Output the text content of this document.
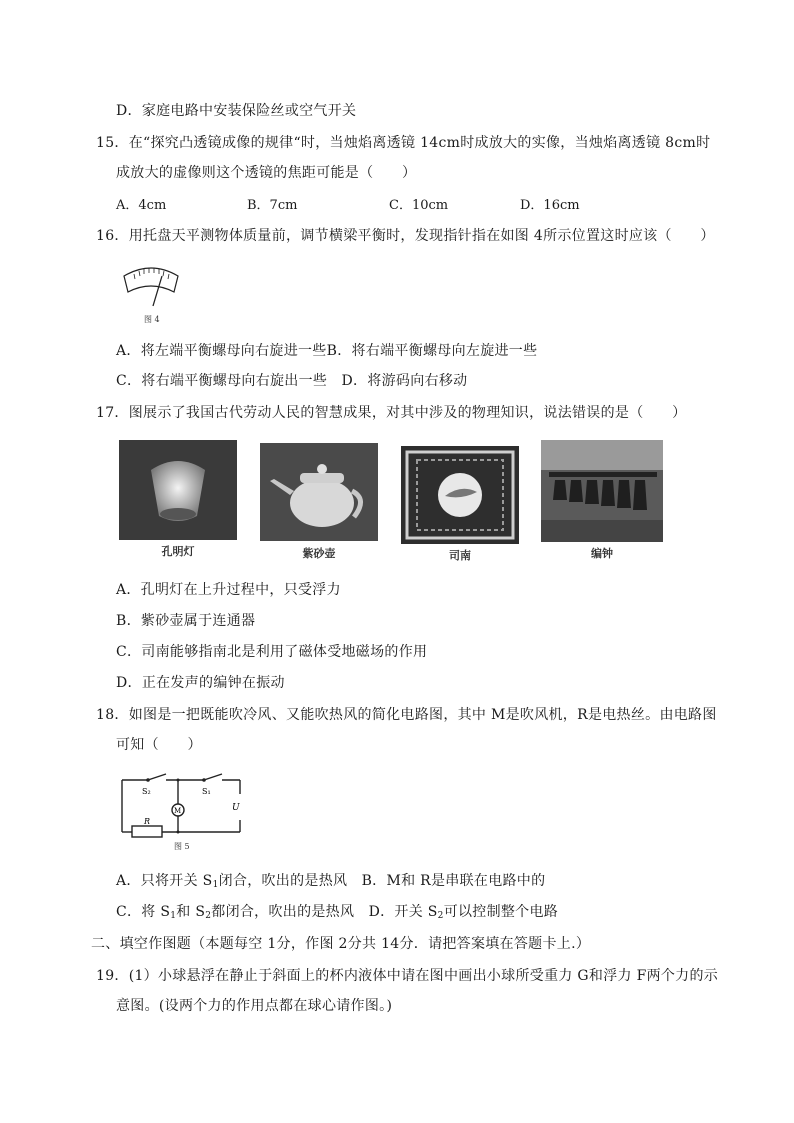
D．家庭电路中安装保险丝或空气开关
15．在“探究凸透镜成像的规律“时，当烛焰离透镜 14cm时成放大的实像，当烛焰离透镜 8cm时
成放大的虚像则这个透镜的焦距可能是（　　）
A．4cm	B．7cm	C．10cm	D．16cm
16．用托盘天平测物体质量前，调节横梁平衡时，发现指针指在如图 4所示位置这时应该（　　）
图 4
A．将左端平衡螺母向右旋进一些B．将右端平衡螺母向左旋进一些
C．将右端平衡螺母向右旋出一些　D．将游码向右移动
17．图展示了我国古代劳动人民的智慧成果，对其中涉及的物理知识，说法错误的是（　　）
孔明灯	紫砂壶	司南	编钟
A．孔明灯在上升过程中，只受浮力
B．紫砂壶属于连通器
C．司南能够指南北是利用了磁体受地磁场的作用
D．正在发声的编钟在振动
18．如图是一把既能吹冷风、又能吹热风的简化电路图，其中 M是吹风机，R是电热丝。由电路图
可知（　　）
S₂	S₁
M	U
R
图 5
A．只将开关 $S_1$闭合，吹出的是热风　B．M和 R是串联在电路中的
C．将 $S_1$和 $S_2$都闭合，吹出的是热风　D．开关 $S_2$可以控制整个电路
二、填空作图题（本题每空 1分，作图 2分共 14分．请把答案填在答题卡上.）
19．(1）小球悬浮在静止于斜面上的杯内液体中请在图中画出小球所受重力 G和浮力 F两个力的示
意图。(设两个力的作用点都在球心请作图。)
